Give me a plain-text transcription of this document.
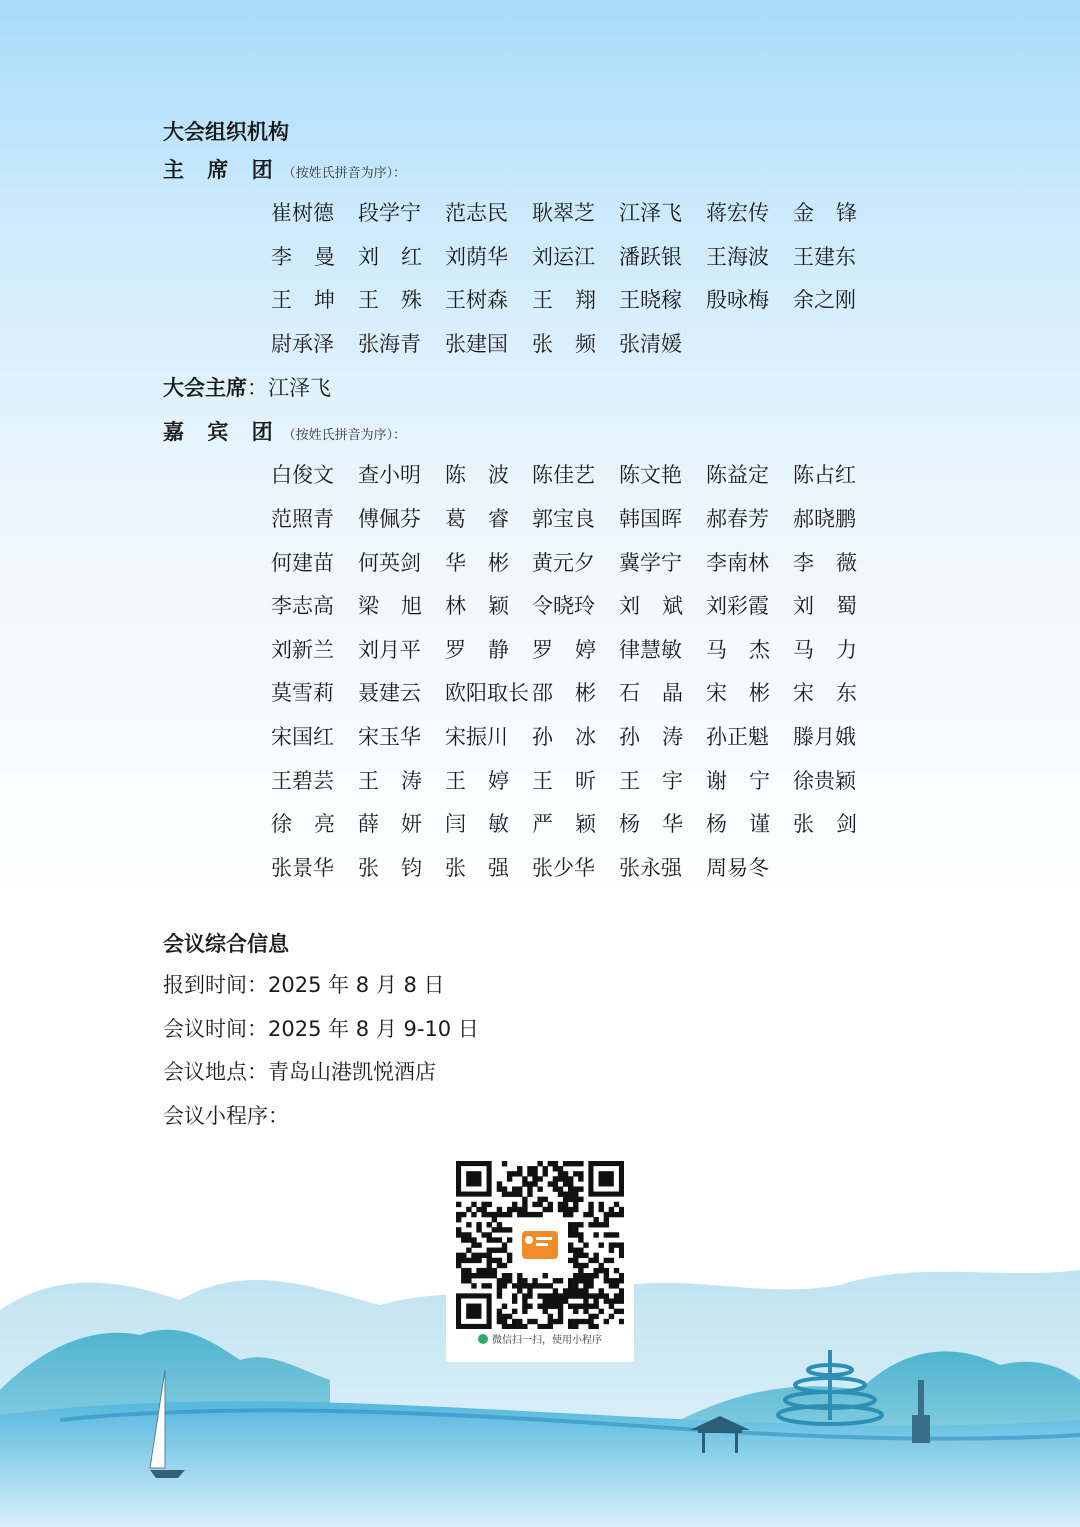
大会组织机构
主 席 团 （按姓氏拼音为序）：
崔树德	段学宁	范志民	耿翠芝	江泽飞	蒋宏传	金 锋
李 曼	刘 红	刘荫华	刘运江	潘跃银	王海波	王建东
王 坤	王 殊	王树森	王 翔	王晓稼	殷咏梅	余之刚
尉承泽	张海青	张建国	张 频	张清媛
大会主席 ： 江泽飞
嘉 宾 团 （按姓氏拼音为序）：
白俊文	查小明	陈 波	陈佳艺	陈文艳	陈益定	陈占红
范照青	傅佩芬	葛 睿	郭宝良	韩国晖	郝春芳	郝晓鹏
何建苗	何英剑	华 彬	黄元夕	冀学宁	李南林	李 薇
李志高	梁 旭	林 颖	令晓玲	刘 斌	刘彩霞	刘 蜀
刘新兰	刘月平	罗 静	罗 婷	律慧敏	马 杰	马 力
莫雪莉	聂建云	欧阳取长 邵 彬	石 晶	宋 彬	宋 东
宋国红	宋玉华	宋振川	孙 冰	孙 涛	孙正魁	滕月娥
王碧芸	王 涛	王 婷	王 昕	王 宇	谢 宁	徐贵颖
徐 亮	薛 妍	闫 敏	严 颖	杨 华	杨 谨	张 剑
张景华	张 钧	张 强	张少华	张永强	周易冬
会议综合信息
报到时间：2025 年 8 月 8 日
会议时间：2025 年 8 月 9-10 日
会议地点：青岛山港凯悦酒店
会议小程序：
微信扫一扫，使用小程序
